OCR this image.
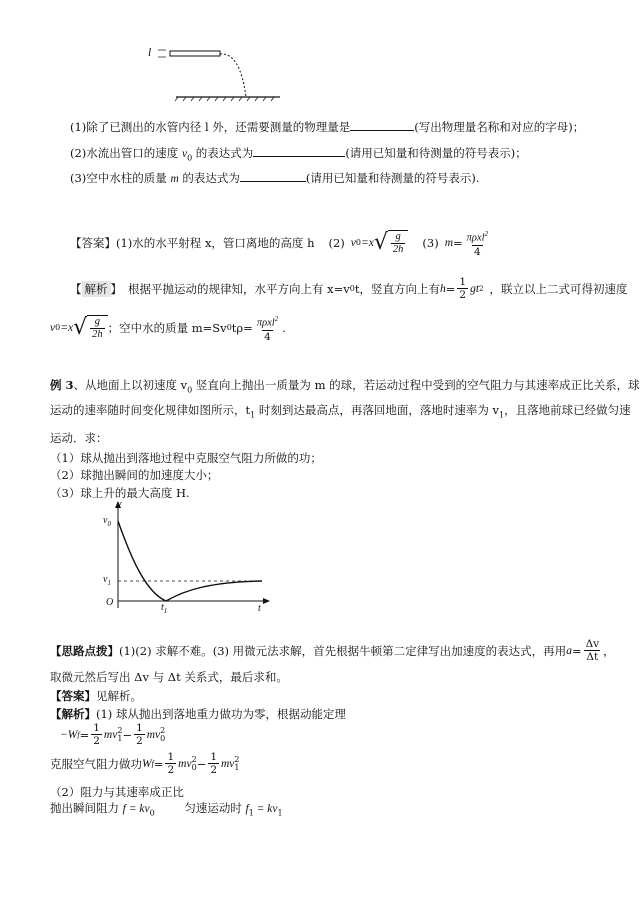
l
(1)除了已测出的水管内径 l 外，还需要测量的物理量是	(写出物理量名称和对应的字母)；
(2)水流出管口的速度 $v_0$ 的表达式为	(请用已知量和待测量的符号表示)；
(3)空中水柱的质量 m 的表达式为	(请用已知量和待测量的符号表示).
【答案】 (1)水的水平射程 x，管口离地的高度 h (2) v 0 =x √ $\frac{g}{2h} (3) m = \frac{\pi\rho xl^2}{4}$
【 解析 】 根据平抛运动的规律知，水平方向上有 x=v 0 t，竖直方向上有 $h = \frac{1}{2}$ gt 2 ，联立以上二式可得初速度
v 0 =x √ $\frac{g}{2h}$ ；空中水的质量 m=Sv 0 $t\rho= \frac{\pi\rho xl^2}{4}$ .
例 3、从地面上以初速度 $v_0$ 竖直向上抛出一质量为 m 的球，若运动过程中受到的空气阻力与其速率成正比关系，球
运动的速率随时间变化规律如图所示，$t_1$ 时刻到达最高点，再落回地面，落地时速率为 $v_1$，且落地前球已经做匀速
运动．求：
（1）球从抛出到落地过程中克服空气阻力所做的功；
（2）球抛出瞬间的加速度大小；
（3）球上升的最大高度 H.
v
$v_0$
$v_1$
O	$t_1$	t
【思路点拨】 (1)(2) 求解不难。(3) 用微元法求解，首先根据牛顿第二定律写出加速度的表达式，再用 $a = \frac{\Delta v}{\Delta t}$ ，
取微元然后写出 Δv 与 Δt 关系式，最后求和。
【答案】见解析。
【解析】(1) 球从抛出到落地重力做功为零，根据动能定理
−W $f = \frac{1}{2}$ mv 2
$1 - \frac{1}{2}$ mv 2
0
克服空气阻力做功 W $f = \frac{1}{2}$ mv 2
$0 - \frac{1}{2}$ mv 2
1
（2）阻力与其速率成正比
抛出瞬间阻力 $f = kv_0$	匀速运动时 $f_1 = kv_1$
